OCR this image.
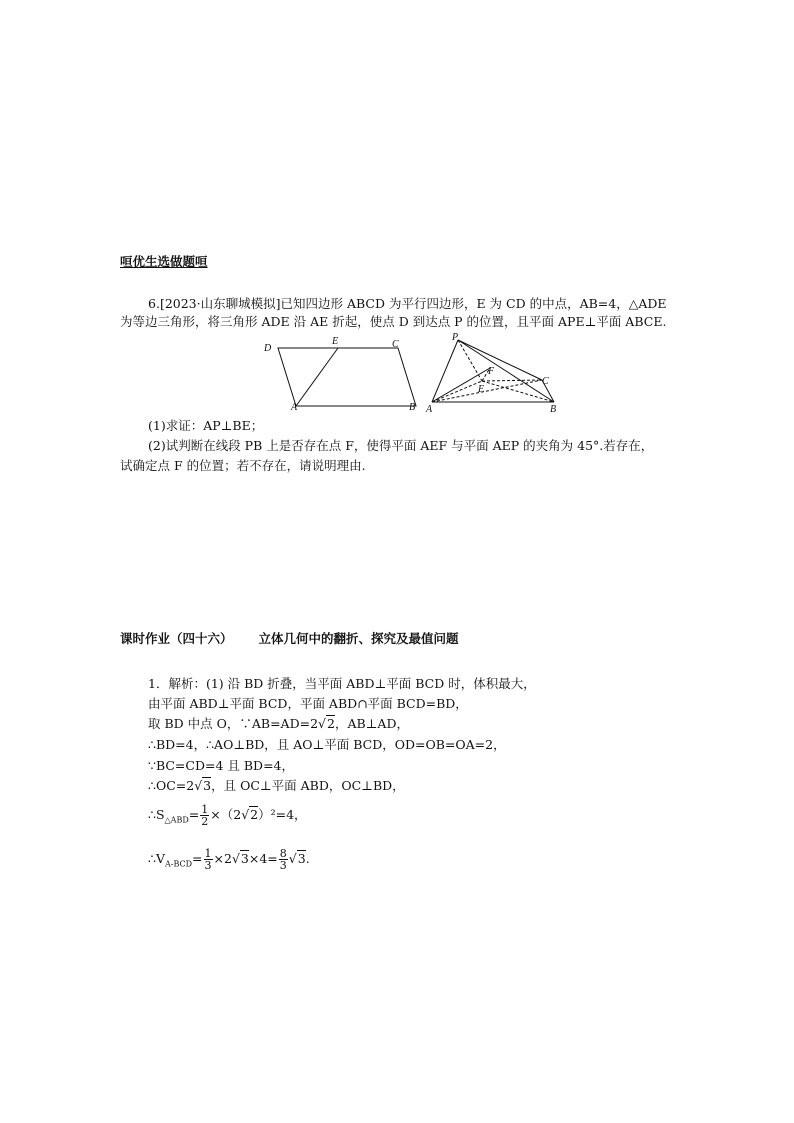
咺优生选做题咺
6.[2023·山东聊城模拟]已知四边形 ABCD 为平行四边形，E 为 CD 的中点，AB=4，△ADE
为等边三角形，将三角形 ADE 沿 AE 折起，使点 D 到达点 P 的位置，且平面 APE⊥平面 ABCE.
D
E	C
A	B
P
F
E
C
A	B
(1)求证：AP⊥BE；
(2)试判断在线段 PB 上是否存在点 F，使得平面 AEF 与平面 AEP 的夹角为 45°.若存在，
试确定点 F 的位置；若不存在，请说明理由.
课时作业（四十六） 立体几何中的翻折、探究及最值问题
1．解析：(1) 沿 BD 折叠，当平面 ABD⊥平面 BCD 时，体积最大，
由平面 ABD⊥平面 BCD，平面 ABD∩平面 BCD=BD，
取 BD 中点 O，∵AB=AD=2√2，AB⊥AD，
∴BD=4，∴AO⊥BD，且 AO⊥平面 BCD，OD=OB=OA=2，
∵BC=CD=4 且 BD=4，
∴OC=2√3，且 OC⊥平面 ABD，OC⊥BD，
$\therefore S_{\triangle ABD}= \frac{1}{2} \times(2√2)^2=4$，
$\therefore V_{A-BCD}= \frac{1}{3} \times 2√3\times 4= \frac{8}{3} √3$.
